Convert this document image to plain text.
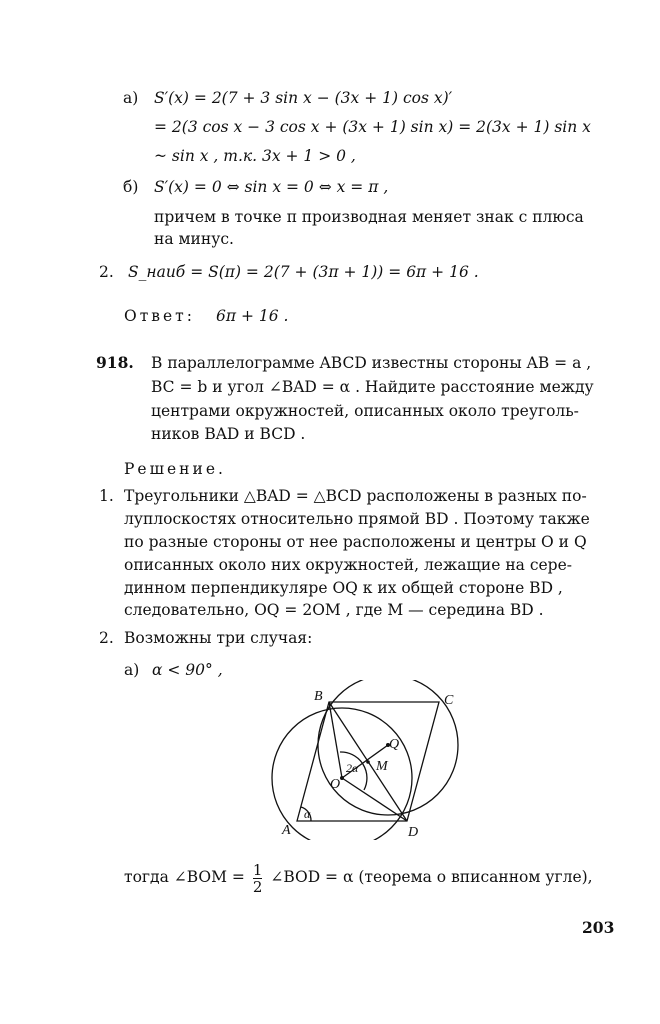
а) S′(x) = 2(7 + 3 sin x − (3x + 1) cos x)′
= 2(3 cos x − 3 cos x + (3x + 1) sin x) = 2(3x + 1) sin x
~ sin x , т.к. 3x + 1 > 0 ,
б) S′(x) = 0 ⇔ sin x = 0 ⇔ x = π ,
причем в точке π производная меняет знак с плюса
на минус.
2. S_наиб = S(π) = 2(7 + (3π + 1)) = 6π + 16 .
Ответ: 6π + 16 .
918. В параллелограмме ABCD известны стороны AB = a ,
BC = b и угол ∠BAD = α . Найдите расстояние между
центрами окружностей, описанных около треуголь-
ников BAD и BCD .
Решение.
1. Треугольники △BAD = △BCD расположены в разных по-
луплоскостях относительно прямой BD . Поэтому также
по разные стороны от нее расположены и центры O и Q
описанных около них окружностей, лежащие на сере-
динном перпендикуляре OQ к их общей стороне BD ,
следовательно, OQ = 2OM , где M — середина BD .
2. Возможны три случая:
а) α < 90° ,
A
B	C
D
O
Q
M
α
2α
тогда ∠BOM = $\frac{1}{2}$ ∠BOD = α (теорема о вписанном угле),
203
